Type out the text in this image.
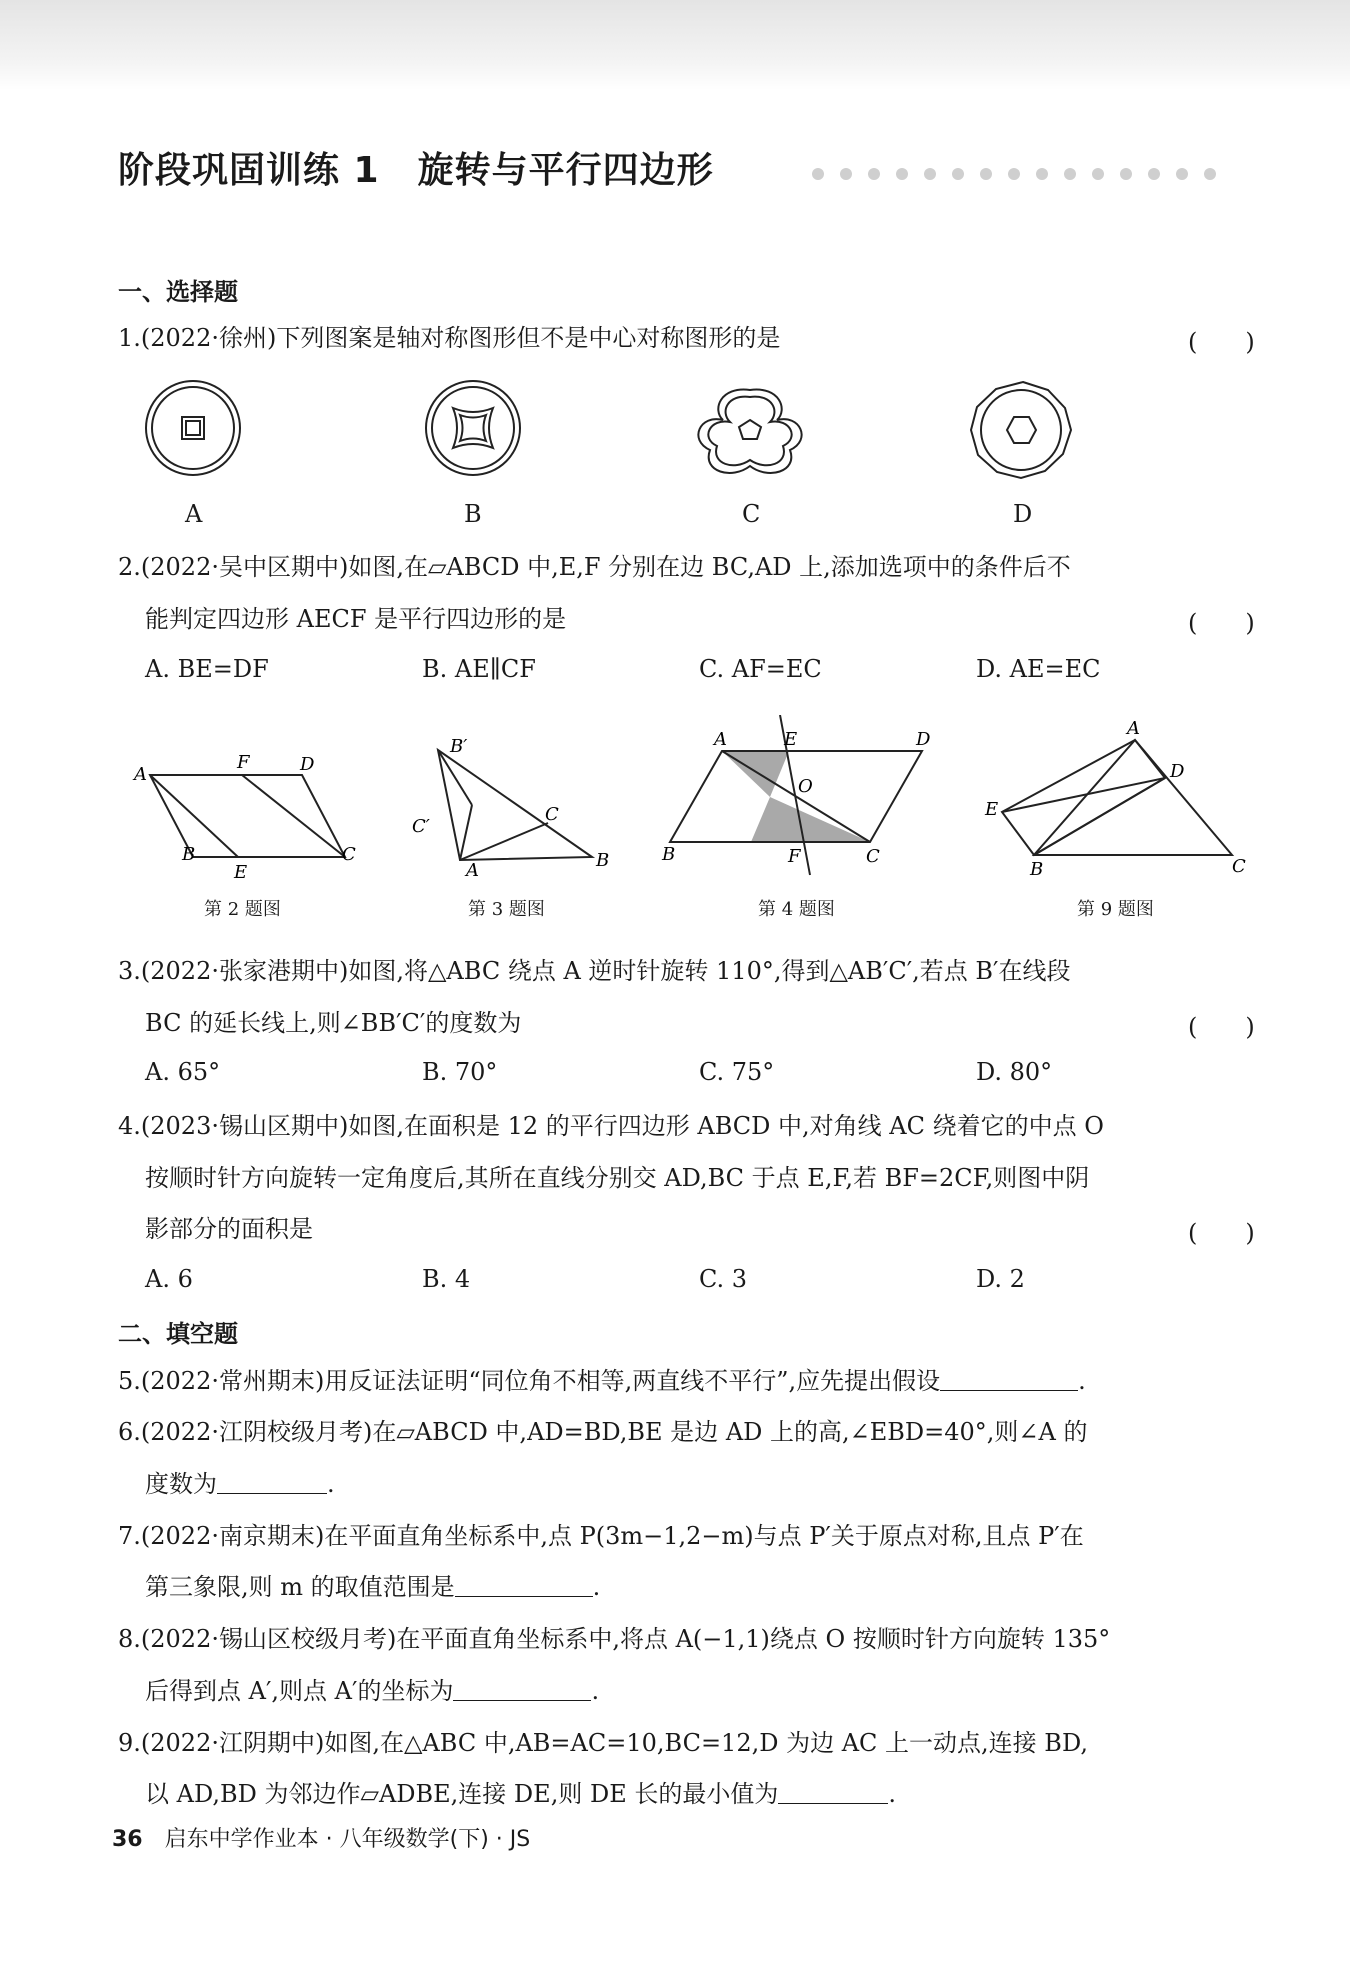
阶段巩固训练 1 旋转与平行四边形
一、选择题
1.(2022·徐州)下列图案是轴对称图形但不是中心对称图形的是	(　　)
A	B	C	D
2.(2022·吴中区期中)如图,在▱ABCD 中,E,F 分别在边 BC,AD 上,添加选项中的条件后不
能判定四边形 AECF 是平行四边形的是	(　　)
A. BE=DF	B. AE∥CF	C. AF=EC	D. AE=EC
A
F	D
B
E
C
第 2 题图
B′
C′
C
A	B
第 3 题图
A	E	D
O
B	F	C
第 4 题图
A
D
E
B	C
第 9 题图
3.(2022·张家港期中)如图,将△ABC 绕点 A 逆时针旋转 110°,得到△AB′C′,若点 B′在线段
BC 的延长线上,则∠BB′C′的度数为	(　　)
A. 65°	B. 70°	C. 75°	D. 80°
4.(2023·锡山区期中)如图,在面积是 12 的平行四边形 ABCD 中,对角线 AC 绕着它的中点 O
按顺时针方向旋转一定角度后,其所在直线分别交 AD,BC 于点 E,F,若 BF=2CF,则图中阴
影部分的面积是	(　　)
A. 6	B. 4	C. 3	D. 2
二、填空题
5.(2022·常州期末)用反证法证明“同位角不相等,两直线不平行”,应先提出假设	.
6.(2022·江阴校级月考)在▱ABCD 中,AD=BD,BE 是边 AD 上的高,∠EBD=40°,则∠A 的
度数为	.
7.(2022·南京期末)在平面直角坐标系中,点 P(3m−1,2−m)与点 P′关于原点对称,且点 P′在
第三象限,则 m 的取值范围是	.
8.(2022·锡山区校级月考)在平面直角坐标系中,将点 A(−1,1)绕点 O 按顺时针方向旋转 135°
后得到点 A′,则点 A′的坐标为	.
9.(2022·江阴期中)如图,在△ABC 中,AB=AC=10,BC=12,D 为边 AC 上一动点,连接 BD,
以 AD,BD 为邻边作▱ADBE,连接 DE,则 DE 长的最小值为	.
36 启东中学作业本 · 八年级数学(下) · JS
